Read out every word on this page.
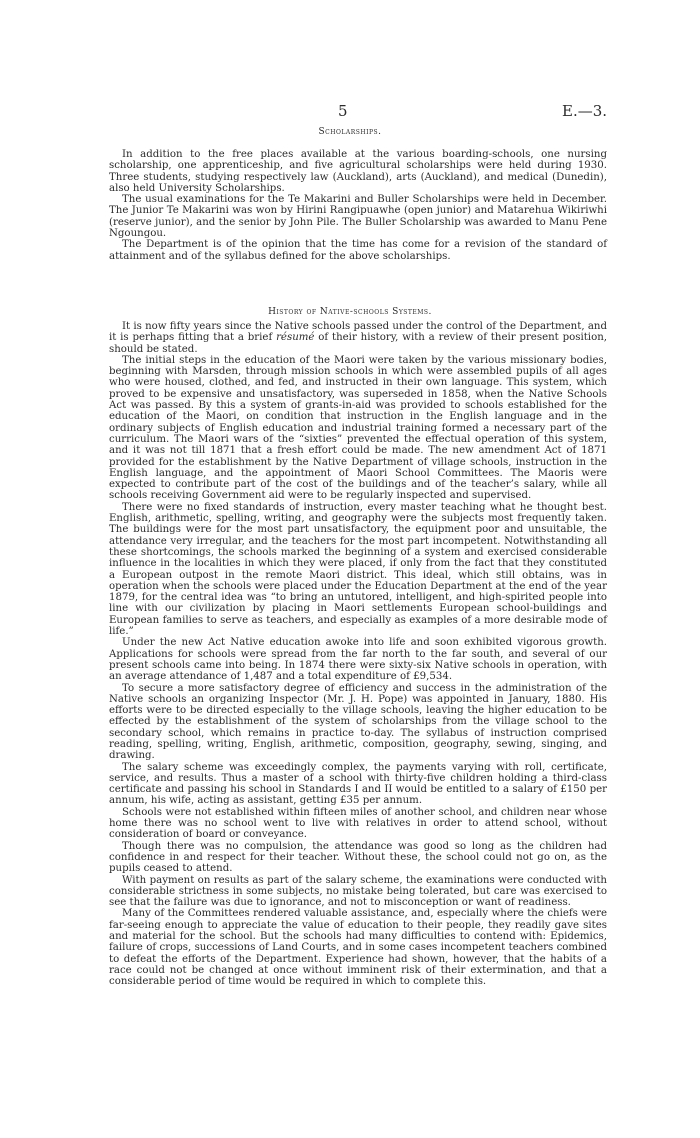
5	E.—3.
Scholarships.

In addition to the free places available at the various boarding-schools, one nursing scholarship, one apprenticeship, and five agricultural scholarships were held during 1930. Three students, studying respectively law (Auckland), arts (Auckland), and medical (Dunedin), also held University Scholarships.

The usual examinations for the Te Makarini and Buller Scholarships were held in December. The Junior Te Makarini was won by Hirini Rangipuawhe (open junior) and Matarehua Wikiriwhi (reserve junior), and the senior by John Pile. The Buller Scholarship was awarded to Manu Pene Ngoungou.

The Department is of the opinion that the time has come for a revision of the standard of attainment and of the syllabus defined for the above scholarships.

History of Native-schools Systems.

It is now fifty years since the Native schools passed under the control of the Department, and it is perhaps fitting that a brief résumé of their history, with a review of their present position, should be stated.

The initial steps in the education of the Maori were taken by the various missionary bodies, beginning with Marsden, through mission schools in which were assembled pupils of all ages who were housed, clothed, and fed, and instructed in their own language. This system, which proved to be expensive and unsatisfactory, was superseded in 1858, when the Native Schools Act was passed. By this a system of grants-in-aid was provided to schools established for the education of the Maori, on condition that instruction in the English language and in the ordinary subjects of English education and industrial training formed a necessary part of the curriculum. The Maori wars of the “sixties” prevented the effectual operation of this system, and it was not till 1871 that a fresh effort could be made. The new amendment Act of 1871 provided for the establishment by the Native Department of village schools, instruction in the English language, and the appointment of Maori School Committees. The Maoris were expected to contribute part of the cost of the buildings and of the teacher’s salary, while all schools receiving Government aid were to be regularly inspected and supervised.

There were no fixed standards of instruction, every master teaching what he thought best. English, arithmetic, spelling, writing, and geography were the subjects most frequently taken. The buildings were for the most part unsatisfactory, the equipment poor and unsuitable, the attendance very irregular, and the teachers for the most part incompetent. Notwithstanding all these shortcomings, the schools marked the beginning of a system and exercised considerable influence in the localities in which they were placed, if only from the fact that they constituted a European outpost in the remote Maori district. This ideal, which still obtains, was in operation when the schools were placed under the Education Department at the end of the year 1879, for the central idea was “to bring an untutored, intelligent, and high-spirited people into line with our civilization by placing in Maori settlements European school-buildings and European families to serve as teachers, and especially as examples of a more desirable mode of life.”

Under the new Act Native education awoke into life and soon exhibited vigorous growth. Applications for schools were spread from the far north to the far south, and several of our present schools came into being. In 1874 there were sixty-six Native schools in operation, with an average attendance of 1,487 and a total expenditure of £9,534.

To secure a more satisfactory degree of efficiency and success in the administration of the Native schools an organizing Inspector (Mr. J. H. Pope) was appointed in January, 1880. His efforts were to be directed especially to the village schools, leaving the higher education to be effected by the establishment of the system of scholarships from the village school to the secondary school, which remains in practice to-day. The syllabus of instruction comprised reading, spelling, writing, English, arithmetic, composition, geography, sewing, singing, and drawing.

The salary scheme was exceedingly complex, the payments varying with roll, certificate, service, and results. Thus a master of a school with thirty-five children holding a third-class certificate and passing his school in Standards I and II would be entitled to a salary of £150 per annum, his wife, acting as assistant, getting £35 per annum.

Schools were not established within fifteen miles of another school, and children near whose home there was no school went to live with relatives in order to attend school, without consideration of board or conveyance.

Though there was no compulsion, the attendance was good so long as the children had confidence in and respect for their teacher. Without these, the school could not go on, as the pupils ceased to attend.

With payment on results as part of the salary scheme, the examinations were conducted with considerable strictness in some subjects, no mistake being tolerated, but care was exercised to see that the failure was due to ignorance, and not to misconception or want of readiness.

Many of the Committees rendered valuable assistance, and, especially where the chiefs were far-seeing enough to appreciate the value of education to their people, they readily gave sites and material for the school. But the schools had many difficulties to contend with: Epidemics, failure of crops, successions of Land Courts, and in some cases incompetent teachers combined to defeat the efforts of the Department. Experience had shown, however, that the habits of a race could not be changed at once without imminent risk of their extermination, and that a considerable period of time would be required in which to complete this.
